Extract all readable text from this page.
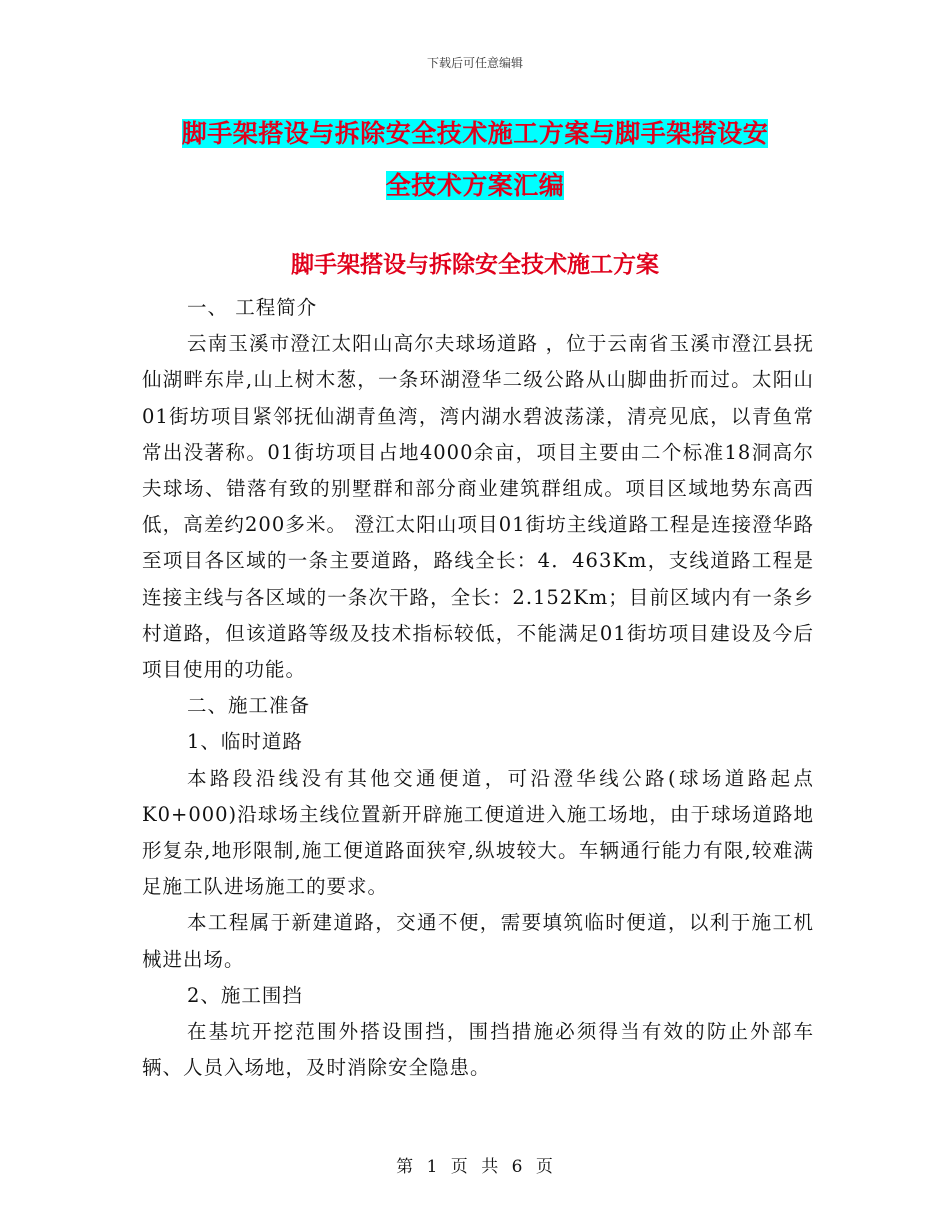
下载后可任意编辑
脚手架搭设与拆除安全技术施工方案与脚手架搭设安
全技术方案汇编
脚手架搭设与拆除安全技术施工方案

一、 工程简介

云南玉溪市澄江太阳山高尔夫球场道路 ，位于云南省玉溪市澄江县抚仙湖畔东岸,山上树木葱，一条环湖澄华二级公路从山脚曲折而过。太阳山01街坊项目紧邻抚仙湖青鱼湾，湾内湖水碧波荡漾，清亮见底，以青鱼常常出没著称。01街坊项目占地4000余亩，项目主要由二个标准18洞高尔夫球场、错落有致的别墅群和部分商业建筑群组成。项目区域地势东高西低，高差约200多米。 澄江太阳山项目01街坊主线道路工程是连接澄华路至项目各区域的一条主要道路，路线全长：4．463Km，支线道路工程是连接主线与各区域的一条次干路，全长：2.152Km；目前区域内有一条乡村道路，但该道路等级及技术指标较低，不能满足01街坊项目建设及今后项目使用的功能。

二、施工准备

1、临时道路

本路段沿线没有其他交通便道，可沿澄华线公路(球场道路起点K0+000)沿球场主线位置新开辟施工便道进入施工场地，由于球场道路地形复杂,地形限制,施工便道路面狭窄,纵坡较大。车辆通行能力有限,较难满足施工队进场施工的要求。

本工程属于新建道路，交通不便，需要填筑临时便道，以利于施工机械进出场。

2、施工围挡

在基坑开挖范围外搭设围挡，围挡措施必须得当有效的防止外部车辆、人员入场地，及时消除安全隐患。

第 1 页 共 6 页
